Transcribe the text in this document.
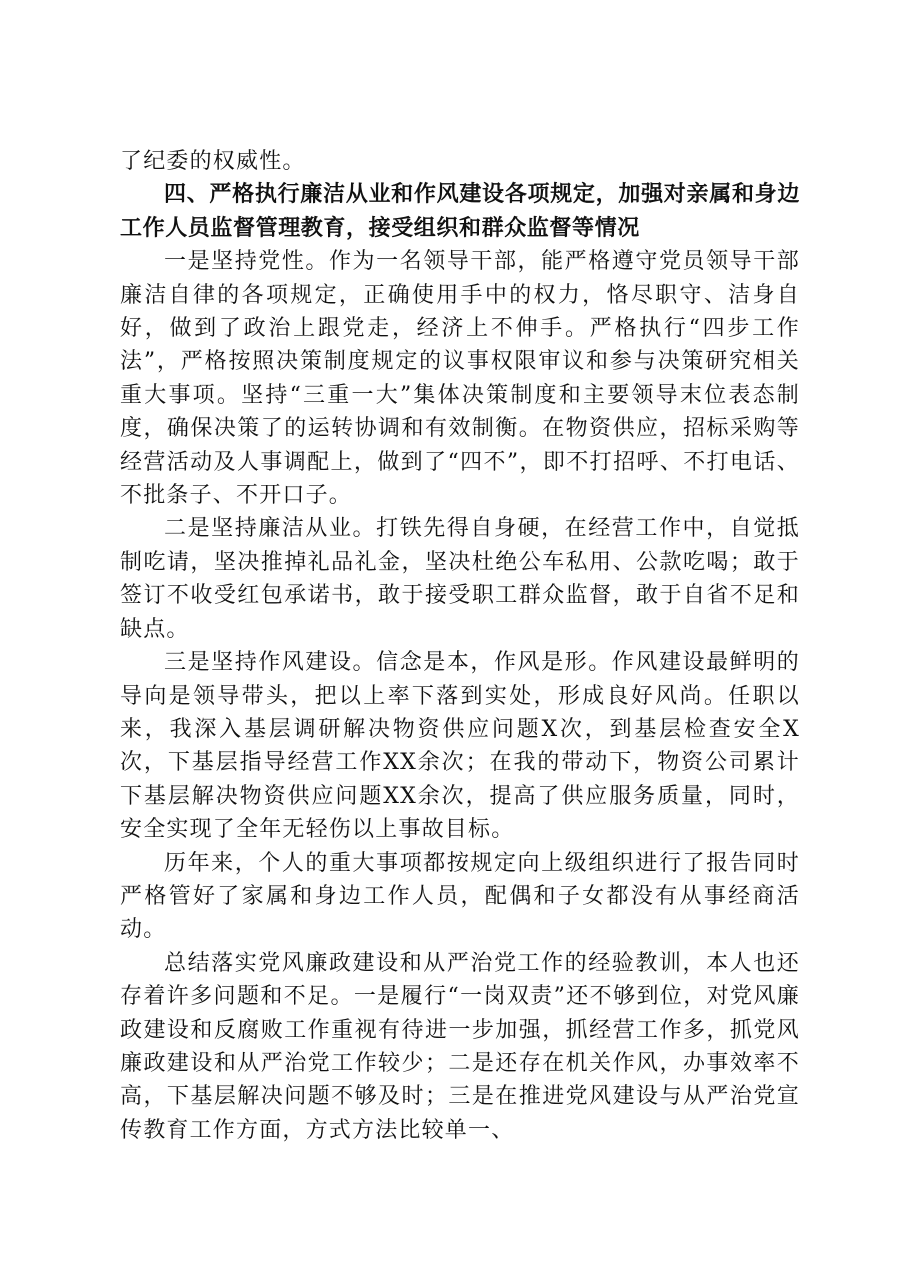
了纪委的权威性。

四、严格执行廉洁从业和作风建设各项规定，加强对亲属和身边工作人员监督管理教育，接受组织和群众监督等情况

一是坚持党性。作为一名领导干部，能严格遵守党员领导干部廉洁自律的各项规定，正确使用手中的权力，恪尽职守、洁身自好，做到了政治上跟党走，经济上不伸手。严格执行“四步工作法”，严格按照决策制度规定的议事权限审议和参与决策研究相关重大事项。坚持“三重一大”集体决策制度和主要领导末位表态制度，确保决策了的运转协调和有效制衡。在物资供应，招标采购等经营活动及人事调配上，做到了“四不”，即不打招呼、不打电话、不批条子、不开口子。

二是坚持廉洁从业。打铁先得自身硬，在经营工作中，自觉抵制吃请，坚决推掉礼品礼金，坚决杜绝公车私用、公款吃喝；敢于签订不收受红包承诺书，敢于接受职工群众监督，敢于自省不足和缺点。

三是坚持作风建设。信念是本，作风是形。作风建设最鲜明的导向是领导带头，把以上率下落到实处，形成良好风尚。任职以来，我深入基层调研解决物资供应问题X次，到基层检查安全X次，下基层指导经营工作XX余次；在我的带动下，物资公司累计下基层解决物资供应问题XX余次，提高了供应服务质量，同时，安全实现了全年无轻伤以上事故目标。

历年来，个人的重大事项都按规定向上级组织进行了报告同时严格管好了家属和身边工作人员，配偶和子女都没有从事经商活动。

总结落实党风廉政建设和从严治党工作的经验教训，本人也还存着许多问题和不足。一是履行“一岗双责”还不够到位，对党风廉政建设和反腐败工作重视有待进一步加强，抓经营工作多，抓党风廉政建设和从严治党工作较少；二是还存在机关作风，办事效率不高，下基层解决问题不够及时；三是在推进党风建设与从严治党宣传教育工作方面，方式方法比较单一、
